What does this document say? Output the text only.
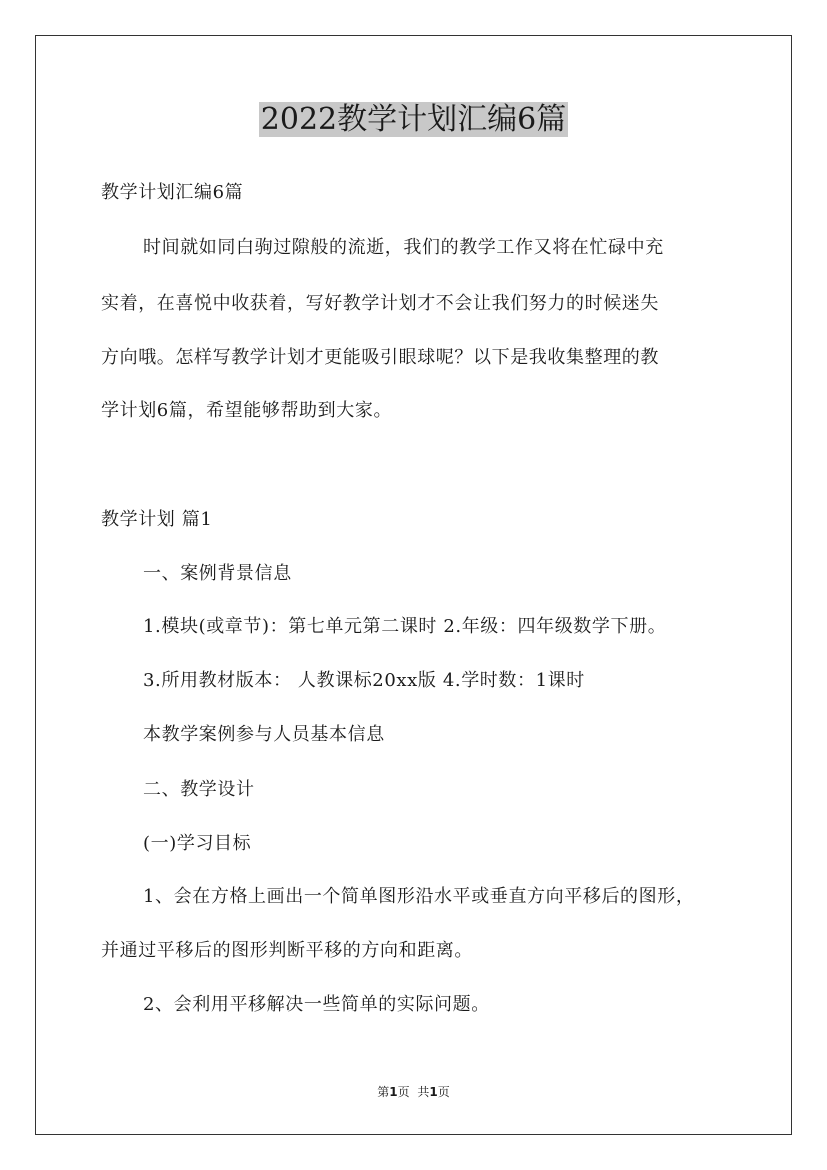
2022教学计划汇编6篇
教学计划汇编6篇
时间就如同白驹过隙般的流逝，我们的教学工作又将在忙碌中充
实着，在喜悦中收获着，写好教学计划才不会让我们努力的时候迷失
方向哦。怎样写教学计划才更能吸引眼球呢？以下是我收集整理的教
学计划6篇，希望能够帮助到大家。
教学计划 篇1
一、案例背景信息
1.模块(或章节)：第七单元第二课时 2.年级：四年级数学下册。
3.所用教材版本： 人教课标20xx版 4.学时数：1课时
本教学案例参与人员基本信息
二、教学设计
(一)学习目标
1、会在方格上画出一个简单图形沿水平或垂直方向平移后的图形，
并通过平移后的图形判断平移的方向和距离。
2、会利用平移解决一些简单的实际问题。
第1页 共1页
